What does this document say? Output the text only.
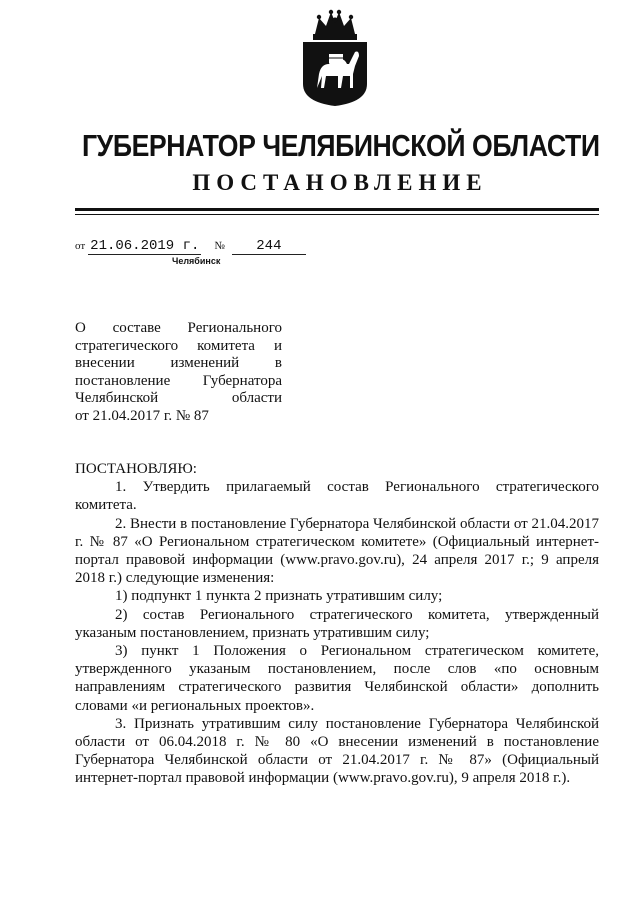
ГУБЕРНАТОР ЧЕЛЯБИНСКОЙ ОБЛАСТИ
ПОСТАНОВЛЕНИЕ
от 21.06.2019 г. № 244
Челябинск
О составе Регионального
стратегического комитета и
внесении изменений в
постановление Губернатора
Челябинской области
от 21.04.2017 г. № 87

ПОСТАНОВЛЯЮ:

1. Утвердить прилагаемый состав Регионального стратегического комитета.

2. Внести в постановление Губернатора Челябинской области от 21.04.2017 г. № 87 «О Региональном стратегическом комитете» (Официальный интернет-портал правовой информации (www.pravo.gov.ru), 24 апреля 2017 г.; 9 апреля 2018 г.) следующие изменения:

1) подпункт 1 пункта 2 признать утратившим силу;

2) состав Регионального стратегического комитета, утвержденный указаным постановлением, признать утратившим силу;

3) пункт 1 Положения о Региональном стратегическом комитете, утвержденного указаным постановлением, после слов «по основным направлениям стратегического развития Челябинской области» дополнить словами «и региональных проектов».

3. Признать утратившим силу постановление Губернатора Челябинской области от 06.04.2018 г. № 80 «О внесении изменений в постановление Губернатора Челябинской области от 21.04.2017 г. № 87» (Официальный интернет-портал правовой информации (www.pravo.gov.ru), 9 апреля 2018 г.).
